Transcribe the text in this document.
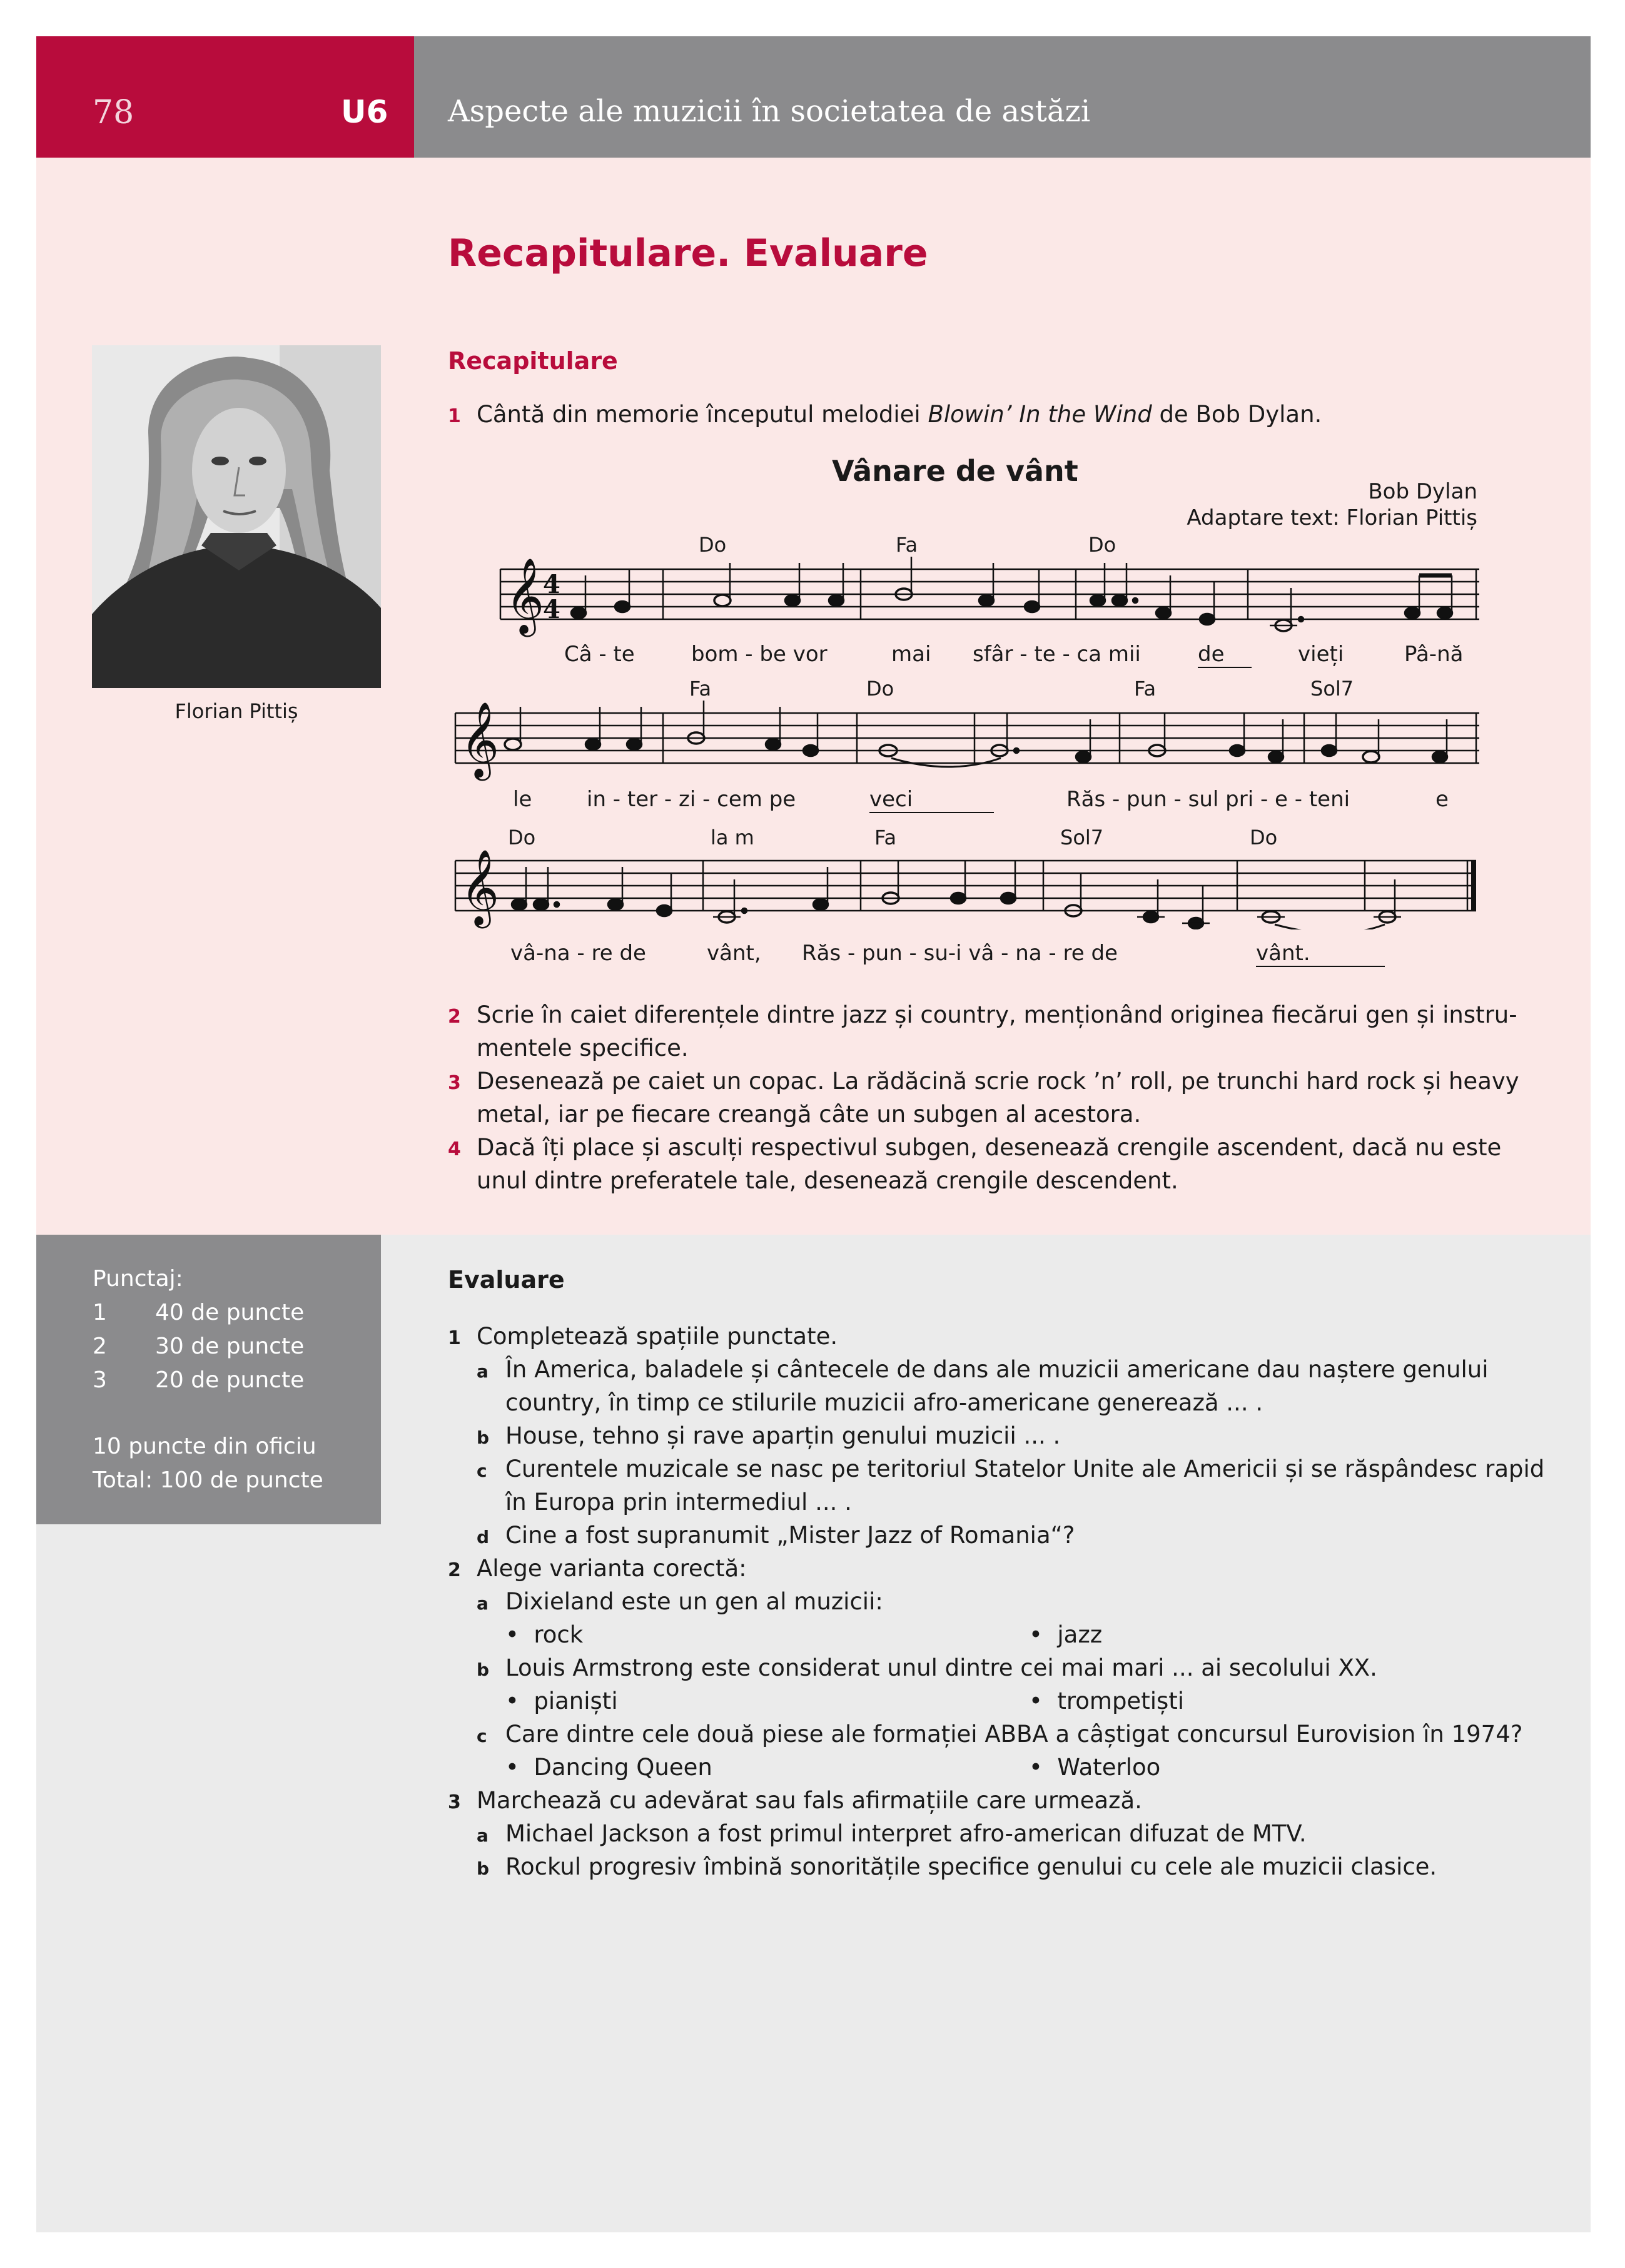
78	U6 Aspecte ale muzicii în societatea de astăzi
Florian Pittiș
Recapitulare. Evaluare
Recapitulare
1 Cântă din memorie începutul melodiei Blowin’ In the Wind de Bob Dylan.
Vânare de vânt
Bob Dylan
Adaptare text: Florian Pittiș
Do	Fa	Do
𝄞
4
4
Câ - te	bom - be vor	mai sfâr - te - ca mii	de	vieți	Pâ-nă
Fa	Do	Fa	Sol7
𝄞
le	in - ter - zi - cem pe	veci	Răs - pun - sul pri - e - teni	e
Do	la m	Fa	Sol7	Do
𝄞
vâ-na - re de	vânt, Răs - pun - su-i vâ - na - re de	vânt.
2 Scrie în caiet diferențele dintre jazz și country, menționând originea fiecărui gen și instru-
mentele specifice.
3 Desenează pe caiet un copac. La rădăcină scrie rock ’n’ roll, pe trunchi hard rock și heavy
metal, iar pe fiecare creangă câte un subgen al acestora.
4 Dacă îți place și asculți respectivul subgen, desenează crengile ascendent, dacă nu este
unul dintre preferatele tale, desenează crengile descendent.
Punctaj:
1 40 de puncte
2 30 de puncte
3 20 de puncte
10 puncte din oficiu
Total: 100 de puncte
Evaluare
1 Completează spațiile punctate.
a În America, baladele și cântecele de dans ale muzicii americane dau naștere genului
country, în timp ce stilurile muzicii afro-americane generează ... .
b House, tehno și rave aparțin genului muzicii ... .
c Curentele muzicale se nasc pe teritoriul Statelor Unite ale Americii și se răspândesc rapid
în Europa prin intermediul ... .
d Cine a fost supranumit „Mister Jazz of Romania“?
2 Alege varianta corectă:
a Dixieland este un gen al muzicii:
•  rock	•  jazz
b Louis Armstrong este considerat unul dintre cei mai mari ... ai secolului XX.
•  pianiști	•  trompetiști
c Care dintre cele două piese ale formației ABBA a câștigat concursul Eurovision în 1974?
•  Dancing Queen	•  Waterloo
3 Marchează cu adevărat sau fals afirmațiile care urmează.
a Michael Jackson a fost primul interpret afro-american difuzat de MTV.
b Rockul progresiv îmbină sonoritățile specifice genului cu cele ale muzicii clasice.
